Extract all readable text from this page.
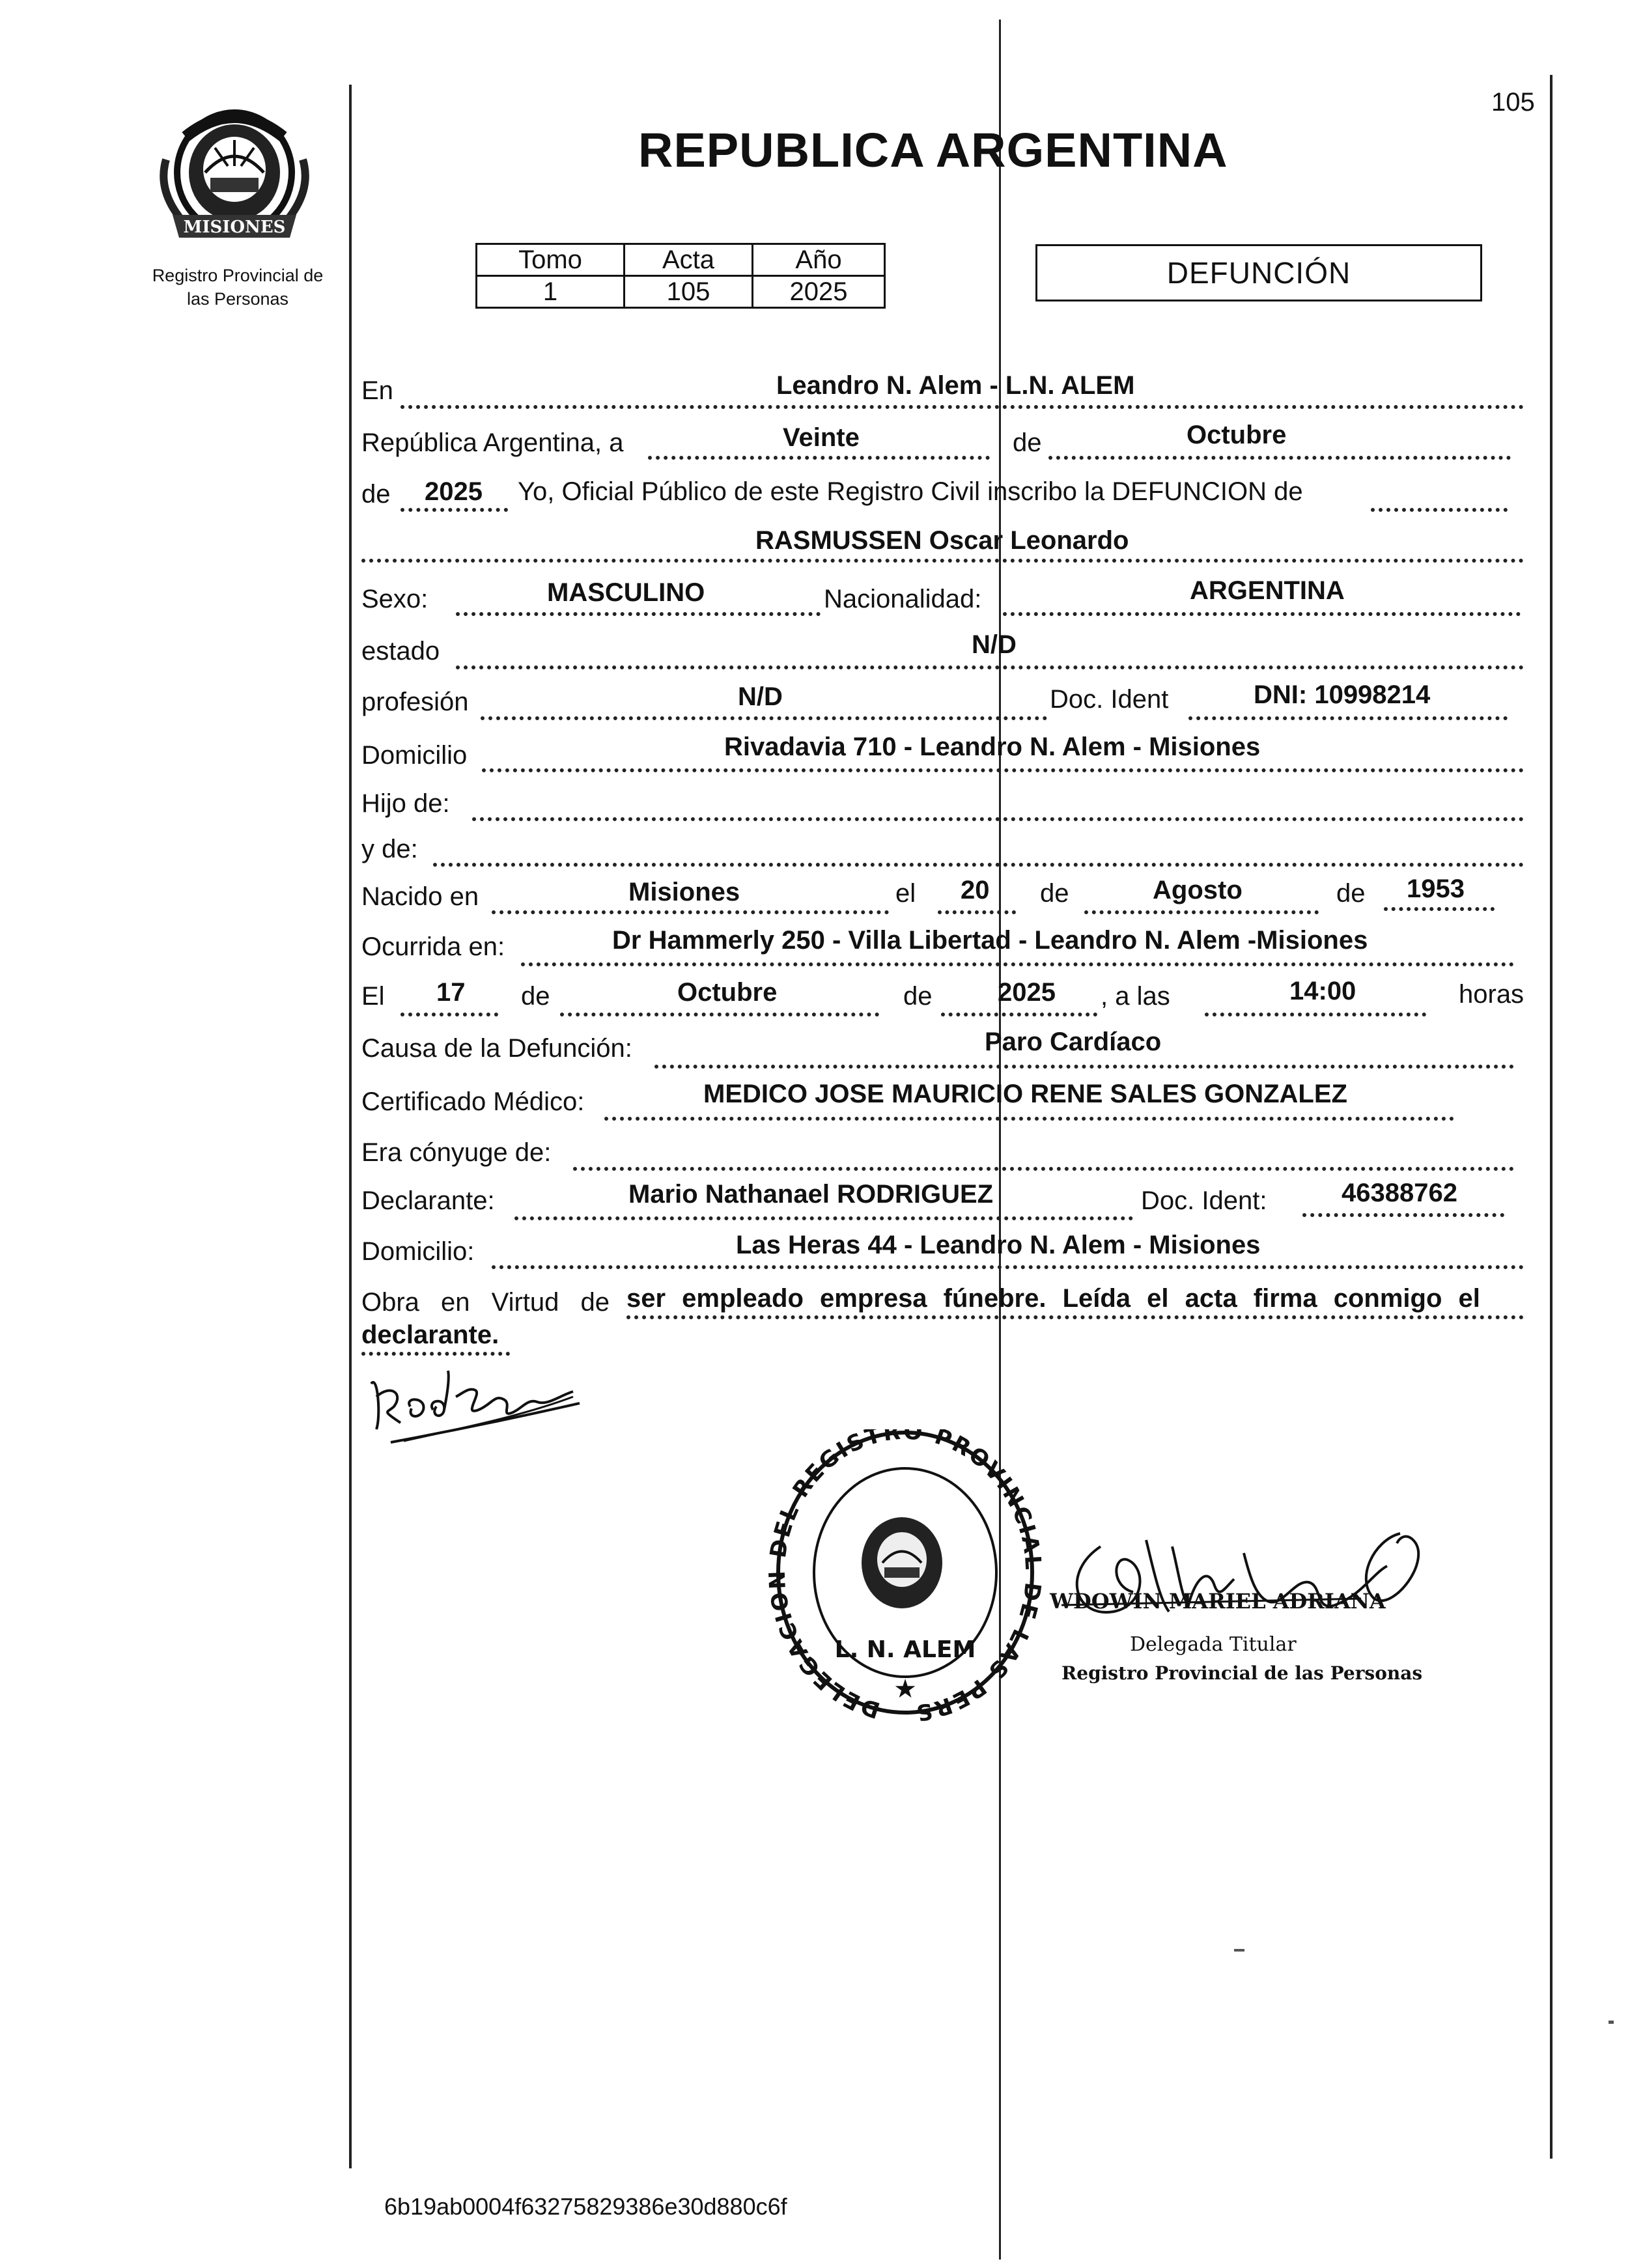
105
MISIONES
Registro Provincial de
las Personas
REPUBLICA ARGENTINA
Tomo	Acta	Año
1	105	2025
DEFUNCIÓN
En	Leandro N. Alem - L.N. ALEM
República Argentina, a	Veinte	de	Octubre
de 2025 Yo, Oficial Público de este Registro Civil inscribo la DEFUNCION de
RASMUSSEN Oscar Leonardo
Sexo:	MASCULINO	Nacionalidad:	ARGENTINA
estado	N/D
profesión	N/D	Doc. Ident	DNI: 10998214
Domicilio	Rivadavia 710 - Leandro N. Alem - Misiones
Hijo de:
y de:
Nacido en	Misiones	el 20 de	Agosto	de 1953
Ocurrida en:	Dr Hammerly 250 - Villa Libertad - Leandro N. Alem -Misiones
El 17 de	Octubre	de	2025 , a las	14:00	horas
Causa de la Defunción:	Paro Cardíaco
Certificado Médico:	MEDICO JOSE MAURICIO RENE SALES GONZALEZ
Era cónyuge de:
Declarante:	Mario Nathanael RODRIGUEZ	Doc. Ident:	46388762
Domicilio:	Las Heras 44 - Leandro N. Alem - Misiones
Obra en Virtud de ser empleado empresa fúnebre. Leída el acta firma conmigo el
declarante.
DELEGACI EL REGISTRO PROVINCI E LAS PERS
L. N. ALEM
★
WDOWIN MARIEL ADRIANA
Delegada Titular
Registro Provincial de las Personas
6b19ab0004f63275829386e30d880c6f
